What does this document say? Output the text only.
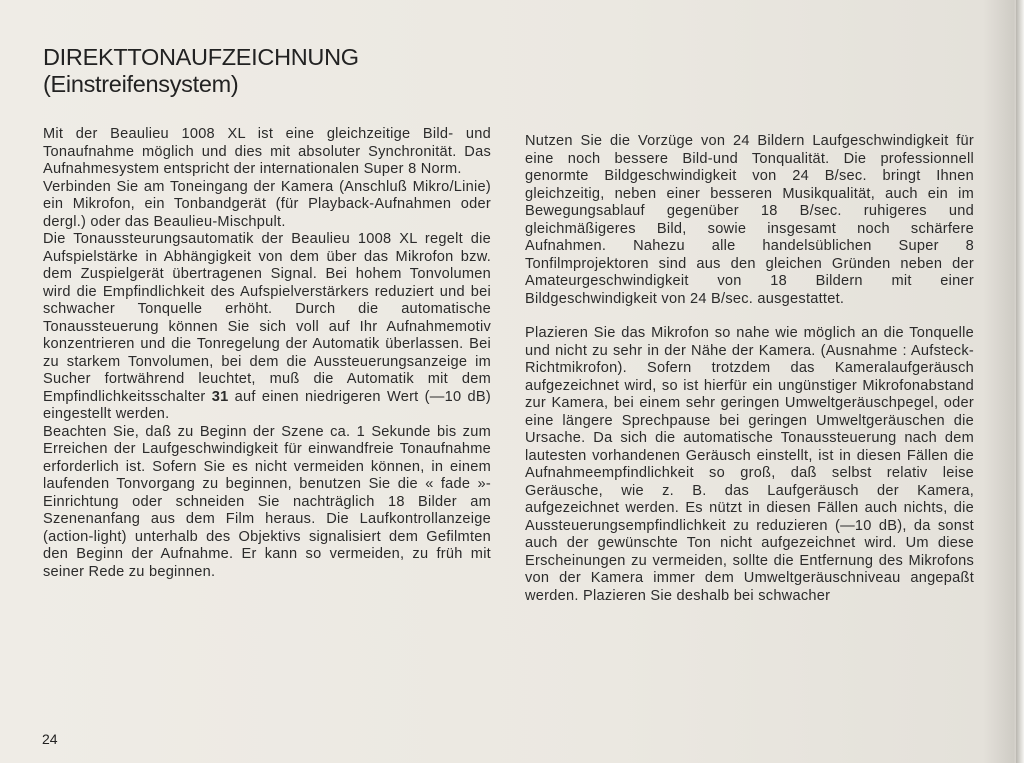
DIREKTTONAUFZEICHNUNG
(Einstreifensystem)

Mit der Beaulieu 1008 XL ist eine gleichzeitige Bild- und Tonaufnahme möglich und dies mit absoluter Synchronität. Das Aufnahmesystem entspricht der internationalen Super 8 Norm.

Verbinden Sie am Toneingang der Kamera (Anschluß Mikro/Linie) ein Mikrofon, ein Tonbandgerät (für Playback-Aufnahmen oder dergl.) oder das Beaulieu-Mischpult.

Die Tonaussteurungsautomatik der Beaulieu 1008 XL regelt die Aufspielstärke in Abhängigkeit von dem über das Mikrofon bzw. dem Zuspielgerät übertragenen Signal. Bei hohem Tonvolumen wird die Empfindlichkeit des Aufspielverstärkers reduziert und bei schwacher Tonquelle erhöht. Durch die automatische Tonaussteuerung können Sie sich voll auf Ihr Aufnahmemotiv konzentrieren und die Tonregelung der Automatik überlassen. Bei zu starkem Tonvolumen, bei dem die Aussteuerungsanzeige im Sucher fortwährend leuchtet, muß die Automatik mit dem Empfindlichkeitsschalter 31 auf einen niedrigeren Wert (—10 dB) eingestellt werden.

Beachten Sie, daß zu Beginn der Szene ca. 1 Sekunde bis zum Erreichen der Laufgeschwindigkeit für einwandfreie Tonaufnahme erforderlich ist. Sofern Sie es nicht vermeiden können, in einem laufenden Tonvorgang zu beginnen, benutzen Sie die « fade »- Einrichtung oder schneiden Sie nachträglich 18 Bilder am Szenenanfang aus dem Film heraus. Die Laufkontrollanzeige (action-light) unterhalb des Objektivs signalisiert dem Gefilmten den Beginn der Aufnahme. Er kann so vermeiden, zu früh mit seiner Rede zu beginnen.

Nutzen Sie die Vorzüge von 24 Bildern Laufgeschwindigkeit für eine noch bessere Bild-und Tonqualität. Die professionnell genormte Bildgeschwindigkeit von 24 B/sec. bringt Ihnen gleichzeitig, neben einer besseren Musikqualität, auch ein im Bewegungsablauf gegenüber 18 B/sec. ruhigeres und gleichmäßigeres Bild, sowie insgesamt noch schärfere Aufnahmen. Nahezu alle handelsüblichen Super 8 Tonfilmprojektoren sind aus den gleichen Gründen neben der Amateurgeschwindigkeit von 18 Bildern mit einer Bildgeschwindigkeit von 24 B/sec. ausgestattet.

Plazieren Sie das Mikrofon so nahe wie möglich an die Tonquelle und nicht zu sehr in der Nähe der Kamera. (Ausnahme : Aufsteck-Richtmikrofon). Sofern trotzdem das Kameralaufgeräusch aufgezeichnet wird, so ist hierfür ein ungünstiger Mikrofonabstand zur Kamera, bei einem sehr geringen Umweltgeräuschpegel, oder eine längere Sprechpause bei geringen Umweltgeräuschen die Ursache. Da sich die automatische Tonaussteuerung nach dem lautesten vorhandenen Geräusch einstellt, ist in diesen Fällen die Aufnahmeempfindlichkeit so groß, daß selbst relativ leise Geräusche, wie z. B. das Laufgeräusch der Kamera, aufgezeichnet werden. Es nützt in diesen Fällen auch nichts, die Aussteuerungsempfindlichkeit zu reduzieren (—10 dB), da sonst auch der gewünschte Ton nicht aufgezeichnet wird. Um diese Erscheinungen zu vermeiden, sollte die Entfernung des Mikrofons von der Kamera immer dem Umweltgeräuschniveau angepaßt werden. Plazieren Sie deshalb bei schwacher

24
